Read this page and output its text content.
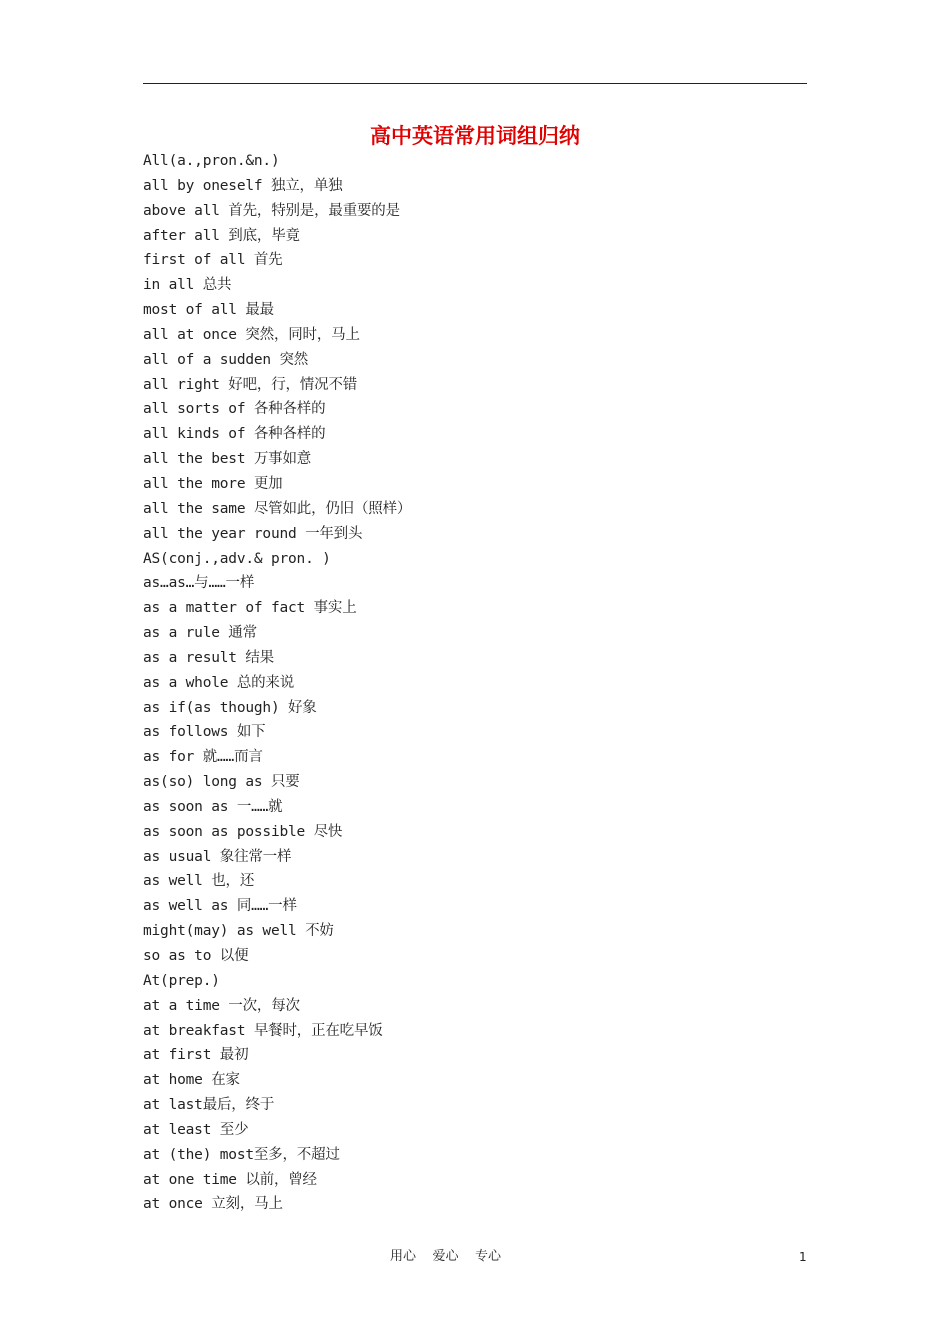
高中英语常用词组归纳
All(a.,pron.&n.)
all by oneself 独立，单独
above all 首先，特别是，最重要的是
after all 到底，毕竟
first of all 首先
in all 总共
most of all 最最
all at once 突然，同时，马上
all of a sudden 突然
all right 好吧，行，情况不错
all sorts of 各种各样的
all kinds of 各种各样的
all the best 万事如意
all the more 更加
all the same 尽管如此，仍旧（照样）
all the year round 一年到头
AS(conj.,adv.& pron. )
as…as…与……一样
as a matter of fact 事实上
as a rule 通常
as a result 结果
as a whole 总的来说
as if(as though) 好象
as follows 如下
as for 就……而言
as(so) long as 只要
as soon as 一……就
as soon as possible 尽快
as usual 象往常一样
as well 也，还
as well as 同……一样
might(may) as well 不妨
so as to 以便
At(prep.)
at a time 一次，每次
at breakfast 早餐时，正在吃早饭
at first 最初
at home 在家
at last最后，终于
at least 至少
at (the) most至多，不超过
at one time 以前，曾经
at once 立刻，马上
用心    爱心    专心	1
